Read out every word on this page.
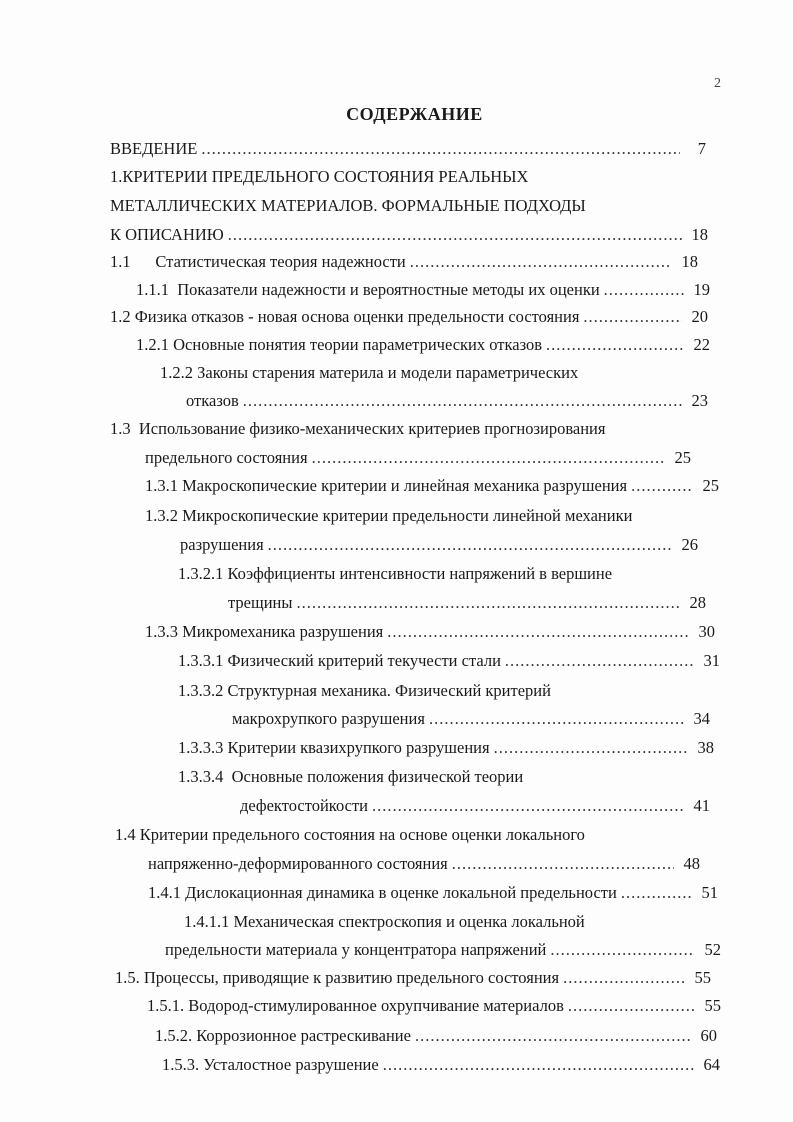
2
СОДЕРЖАНИЕ
ВВЕДЕНИЕ .....	7
1.КРИТЕРИИ ПРЕДЕЛЬНОГО СОСТОЯНИЯ РЕАЛЬНЫХ
МЕТАЛЛИЧЕСКИХ МАТЕРИАЛОВ. ФОРМАЛЬНЫЕ ПОДХОДЫ
К ОПИСАНИЮ .....	18
1.1      Статистическая теория надежности .....	18
1.1.1  Показатели надежности и вероятностные методы их оценки .....	19
1.2 Физика отказов - новая основа оценки предельности состояния .....	20
1.2.1 Основные понятия теории параметрических отказов .....	22
1.2.2 Законы старения материла и модели параметрических
отказов .....	23
1.3  Использование физико-механических критериев прогнозирования
предельного состояния .....	25
1.3.1 Макроскопические критерии и линейная механика разрушения .....	25
1.3.2 Микроскопические критерии предельности линейной механики
разрушения .....	26
1.3.2.1 Коэффициенты интенсивности напряжений в вершине
трещины .....	28
1.3.3 Микромеханика разрушения .....	30
1.3.3.1 Физический критерий текучести стали .....	31
1.3.3.2 Структурная механика. Физический критерий
макрохрупкого разрушения .....	34
1.3.3.3 Критерии квазихрупкого разрушения .....	38
1.3.3.4  Основные положения физической теории
дефектостойкости .....	41
1.4 Критерии предельного состояния на основе оценки локального
напряженно-деформированного состояния .....	48
1.4.1 Дислокационная динамика в оценке локальной предельности .....	51
1.4.1.1 Механическая спектроскопия и оценка локальной
предельности материала у концентратора напряжений .....	52
1.5. Процессы, приводящие к развитию предельного состояния .....	55
1.5.1. Водород-стимулированное охрупчивание материалов .....	55
1.5.2. Коррозионное растрескивание .....	60
1.5.3. Усталостное разрушение .....	64
